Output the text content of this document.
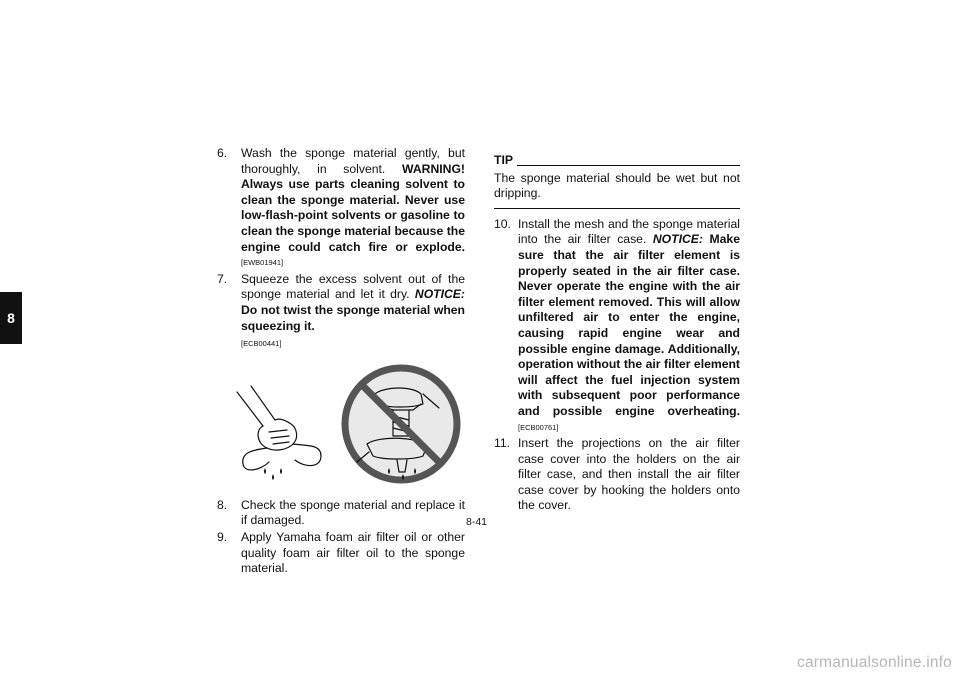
8
6. Wash the sponge material gently, but thoroughly, in solvent. WARNING! Always use parts cleaning solvent to clean the sponge material. Never use low-flash-point solvents or gasoline to clean the sponge material because the engine could catch fire or explode. [EWB01941]
7. Squeeze the excess solvent out of the sponge material and let it dry. NOTICE: Do not twist the sponge material when squeezing it.
[ECB00441]
8. Check the sponge material and replace it if damaged.
9. Apply Yamaha foam air filter oil or other quality foam air filter oil to the sponge material.
TIP
The sponge material should be wet but not dripping.
10. Install the mesh and the sponge material into the air filter case. NOTICE: Make sure that the air filter element is properly seated in the air filter case. Never operate the engine with the air filter element removed. This will allow unfiltered air to enter the engine, causing rapid engine wear and possible engine damage. Additionally, operation without the air filter element will affect the fuel injection system with subsequent poor performance and possible engine overheating. [ECB00761]
11. Insert the projections on the air filter case cover into the holders on the air filter case, and then install the air filter case cover by hooking the holders onto the cover.
8-41
carmanualsonline.info
